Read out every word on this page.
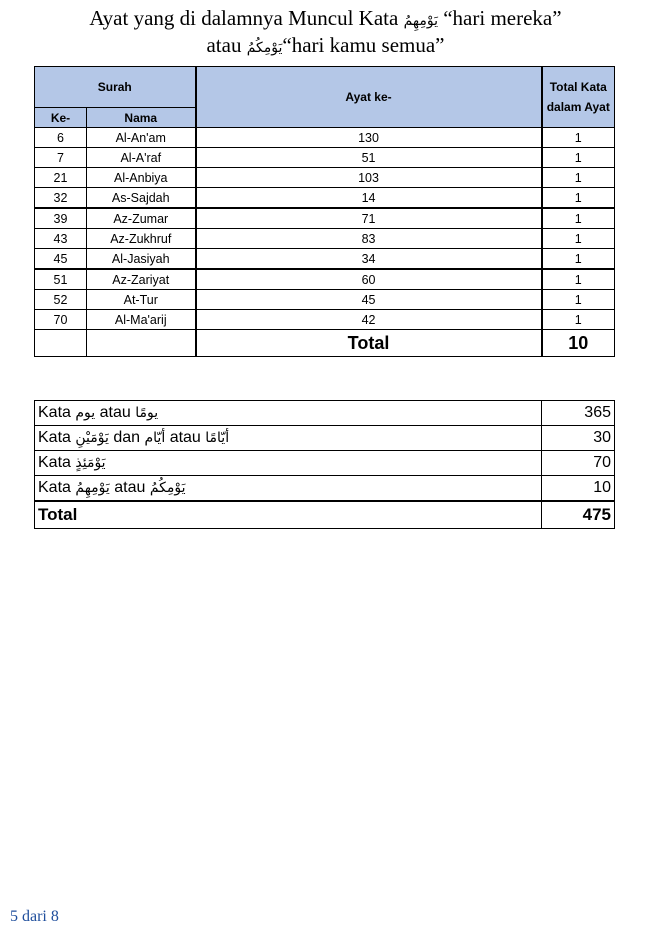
Ayat yang di dalamnya Muncul Kata يَوْمِهِمُ “hari mereka”
atau يَوْمِكُمُ“hari kamu semua”
Surah		Ayat ke-	Total Kata dalam Ayat
Ke-	Nama		
6	Al-An'am	130	1
7	Al-A'raf	51	1
21	Al-Anbiya	103	1
32	As-Sajdah	14	1
39	Az-Zumar	71	1
43	Az-Zukhruf	83	1
45	Al-Jasiyah	34	1
51	Az-Zariyat	60	1
52	At-Tur	45	1
70	Al-Ma'arij	42	1
		Total	10
Kata يوم atau يومًا	365
Kata يَوْمَيْنِ dan أيّام atau أيّامًا	30
Kata يَوْمَئِذٍ	70
Kata يَوْمِهِمُ atau يَوْمِكُمُ	10
Total	475
5 dari 8
